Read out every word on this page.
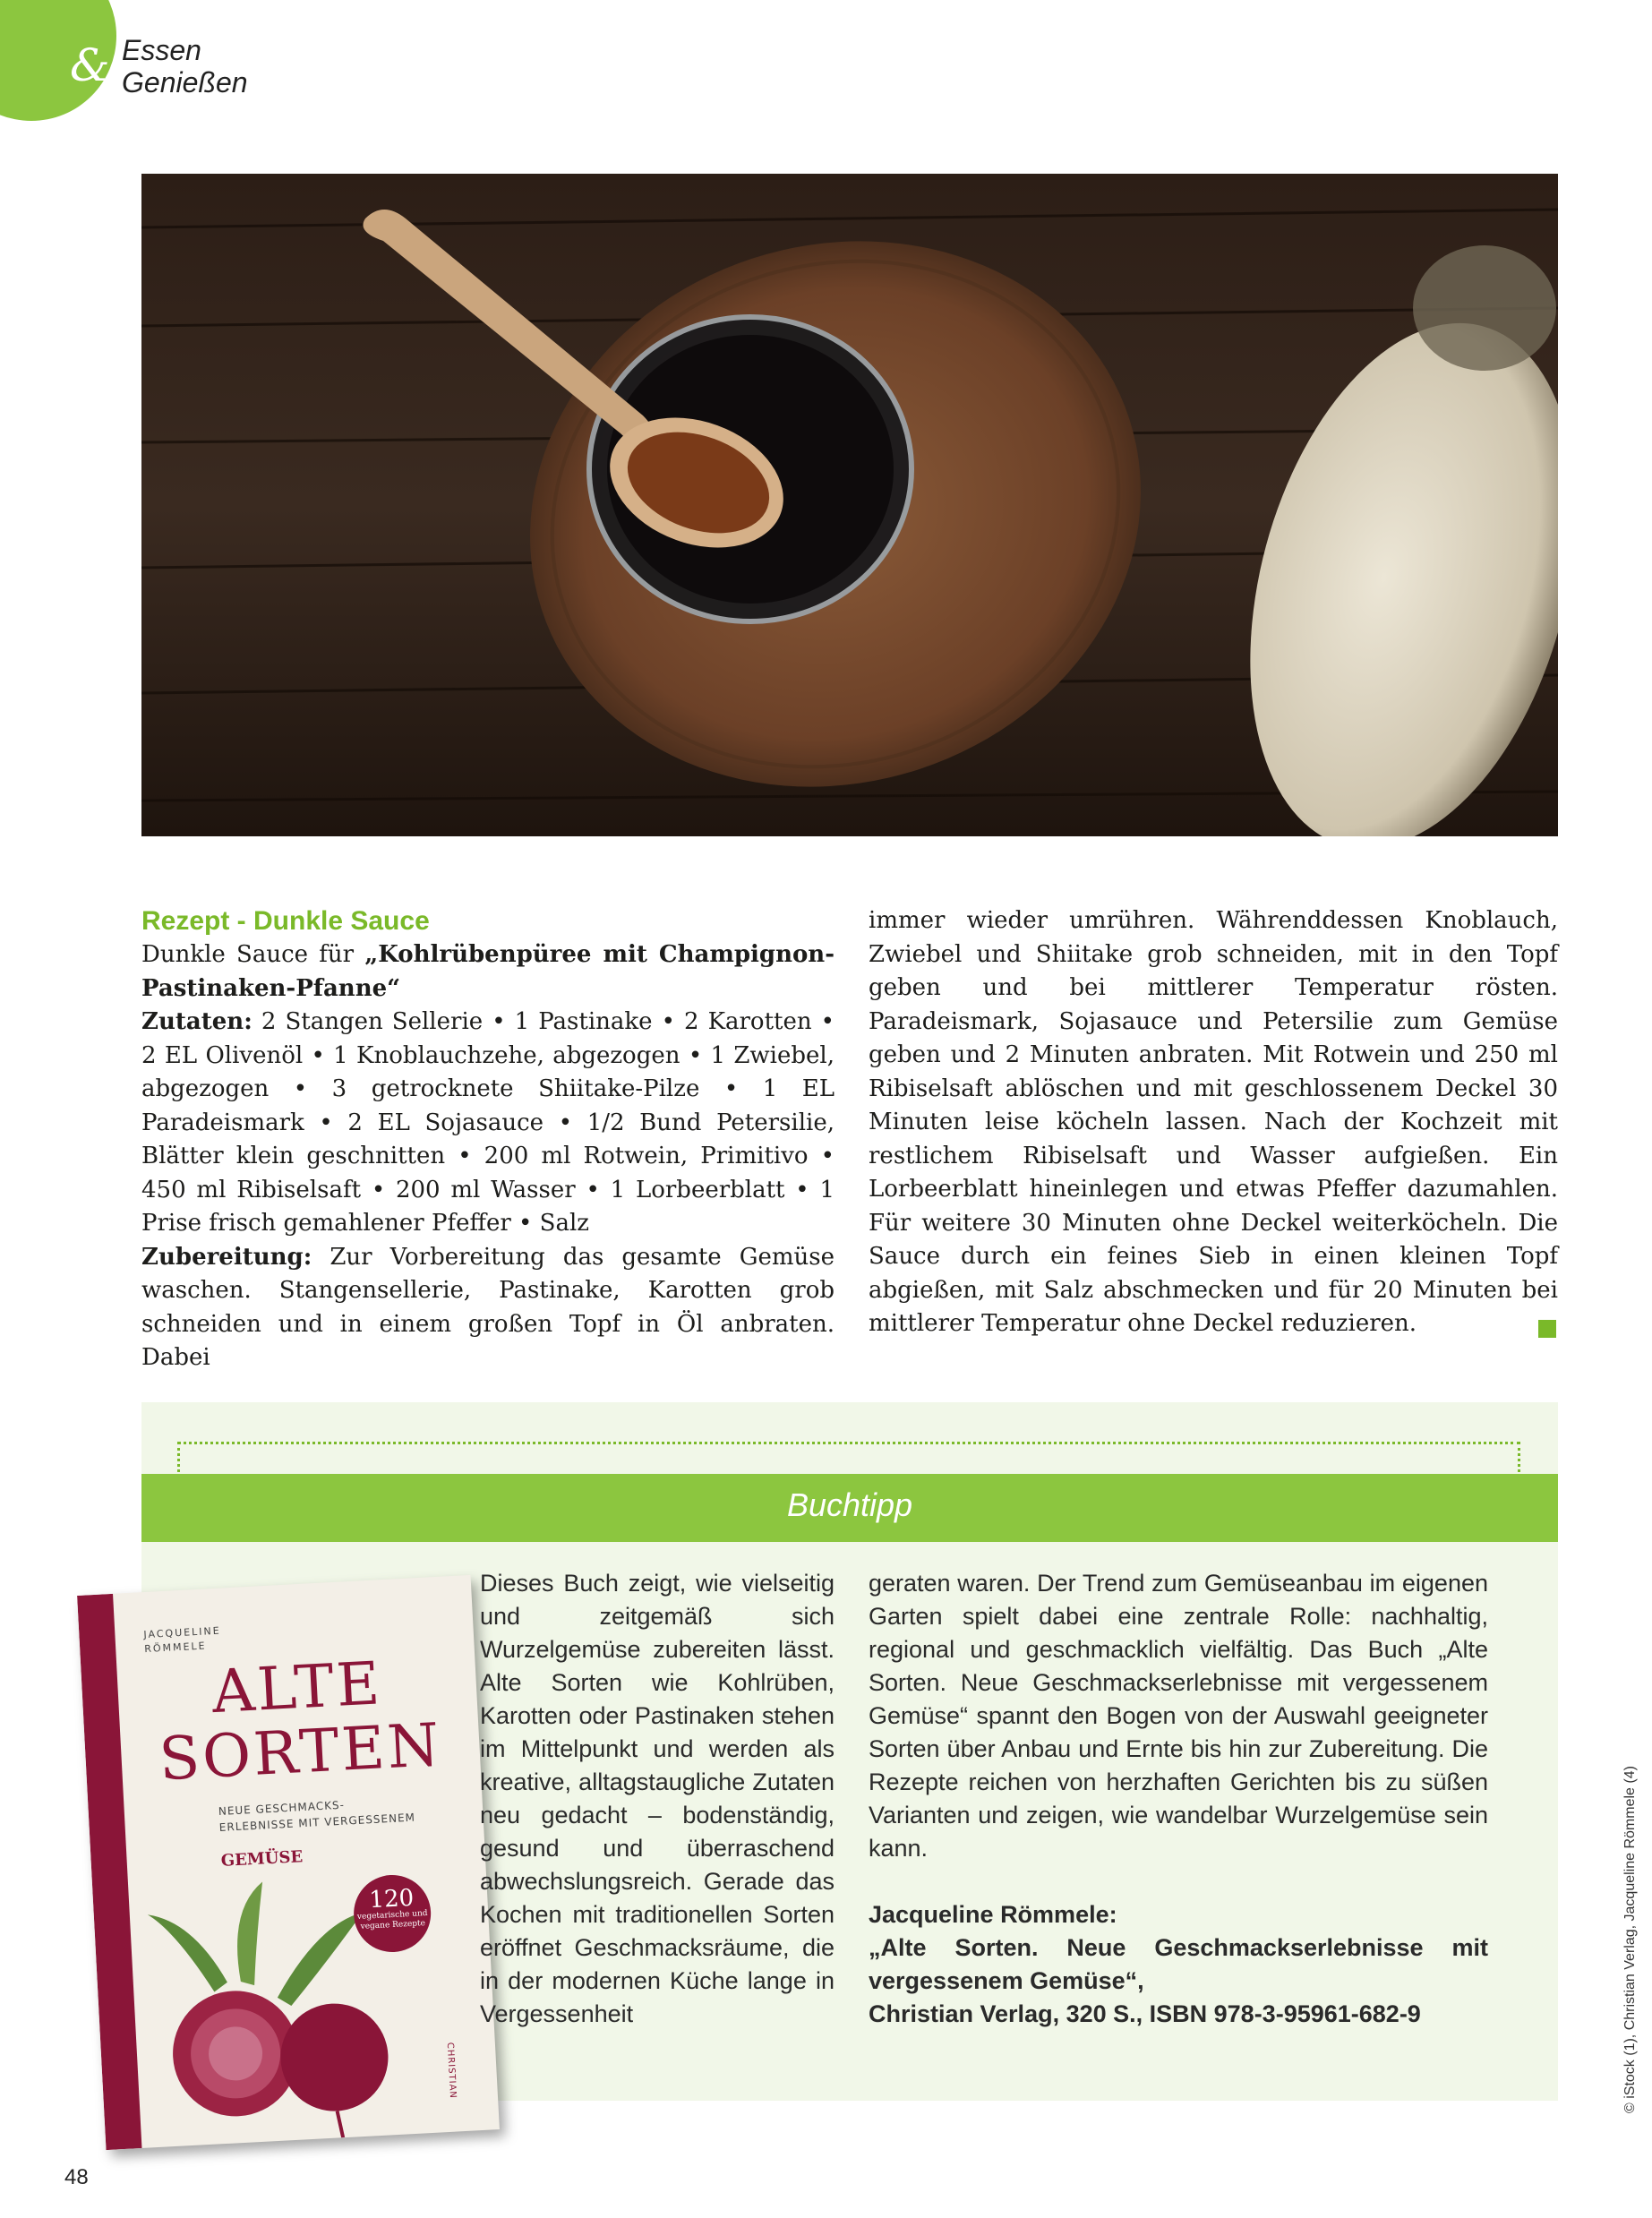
& Essen
Genießen

Rezept - Dunkle Sauce

Dunkle Sauce für „Kohlrübenpüree mit Champignon-Pastinaken-Pfanne“

Zutaten: 2 Stangen Sellerie • 1 Pastinake • 2 Karotten • 2 EL Olivenöl • 1 Knoblauchzehe, abgezogen • 1 Zwiebel, abgezogen • 3 getrocknete Shiitake-Pilze • 1 EL Paradeismark • 2 EL Sojasauce • 1/2 Bund Petersilie, Blätter klein geschnitten • 200 ml Rotwein, Primitivo • 450 ml Ribiselsaft • 200 ml Wasser • 1 Lorbeerblatt • 1 Prise frisch gemahlener Pfeffer • Salz

Zubereitung: Zur Vorbereitung das gesamte Gemüse waschen. Stangensellerie, Pastinake, Karotten grob schneiden und in einem großen Topf in Öl anbraten. Dabei

immer wieder umrühren. Währenddessen Knoblauch, Zwiebel und Shiitake grob schneiden, mit in den Topf geben und bei mittlerer Temperatur rösten. Paradeismark, Sojasauce und Petersilie zum Gemüse geben und 2 Minuten anbraten. Mit Rotwein und 250 ml Ribiselsaft ablöschen und mit geschlossenem Deckel 30 Minuten leise köcheln lassen. Nach der Kochzeit mit restlichem Ribiselsaft und Wasser aufgießen. Ein Lorbeerblatt hineinlegen und etwas Pfeffer dazumahlen. Für weitere 30 Minuten ohne Deckel weiterköcheln. Die Sauce durch ein feines Sieb in einen kleinen Topf abgießen, mit Salz abschmecken und für 20 Minuten bei mittlerer Temperatur ohne Deckel reduzieren.

Buchtipp
JACQUELINE RÖMMELE
ALTE
SORTEN
NEUE GESCHMACKS-ERLEBNISSE MIT VERGESSENEM
GEMÜSE
120
vegetarische und vegane Rezepte
CHRISTIAN

Dieses Buch zeigt, wie vielseitig und zeitgemäß sich Wurzelgemüse zubereiten lässt. Alte Sorten wie Kohlrüben, Karotten oder Pastinaken stehen im Mittelpunkt und werden als kreative, alltagstaugliche Zutaten neu gedacht – bodenständig, gesund und überraschend abwechslungsreich. Gerade das Kochen mit traditionellen Sorten eröffnet Geschmacksräume, die in der modernen Küche lange in Vergessenheit

geraten waren. Der Trend zum Gemüseanbau im eigenen Garten spielt dabei eine zentrale Rolle: nachhaltig, regional und geschmacklich vielfältig. Das Buch „Alte Sorten. Neue Geschmackserlebnisse mit vergessenem Gemüse“ spannt den Bogen von der Auswahl geeigneter Sorten über Anbau und Ernte bis hin zur Zubereitung. Die Rezepte reichen von herzhaften Gerichten bis zu süßen Varianten und zeigen, wie wandelbar Wurzelgemüse sein kann.

Jacqueline Römmele:

„Alte Sorten. Neue Geschmackserlebnisse mit vergessenem Gemüse“,

Christian Verlag, 320 S., ISBN 978-3-95961-682-9	© iStock (1), Christian Verlag, Jacqueline Römmele (4)
48
